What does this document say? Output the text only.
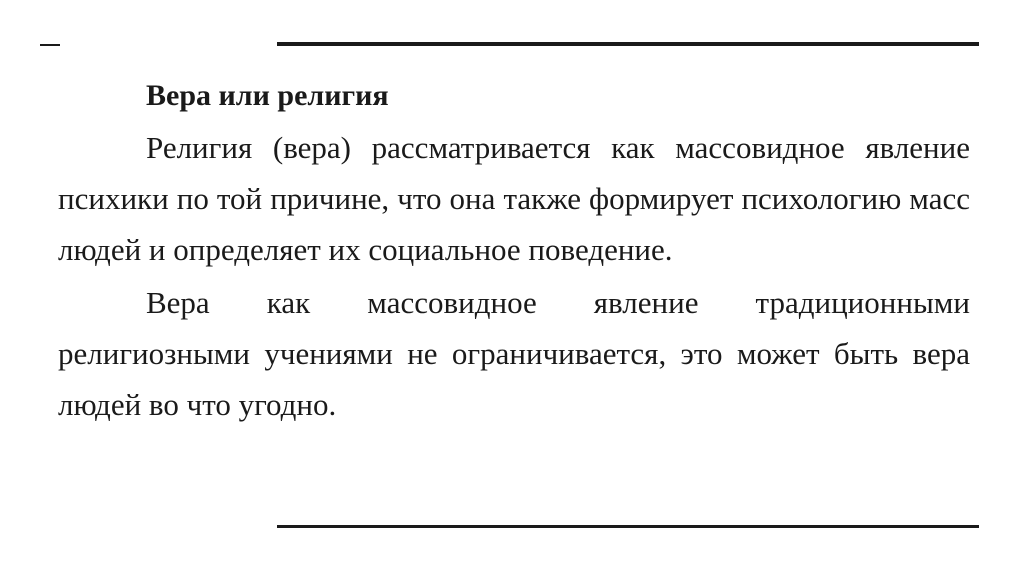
Вера или религия

Религия (вера) рассматривается как массовидное явление психики по той причине, что она также формирует психологию масс людей и определяет их социальное поведение.

Вера как массовидное явление традиционными религиозными учениями не ограничивается, это может быть вера людей во что угодно.
